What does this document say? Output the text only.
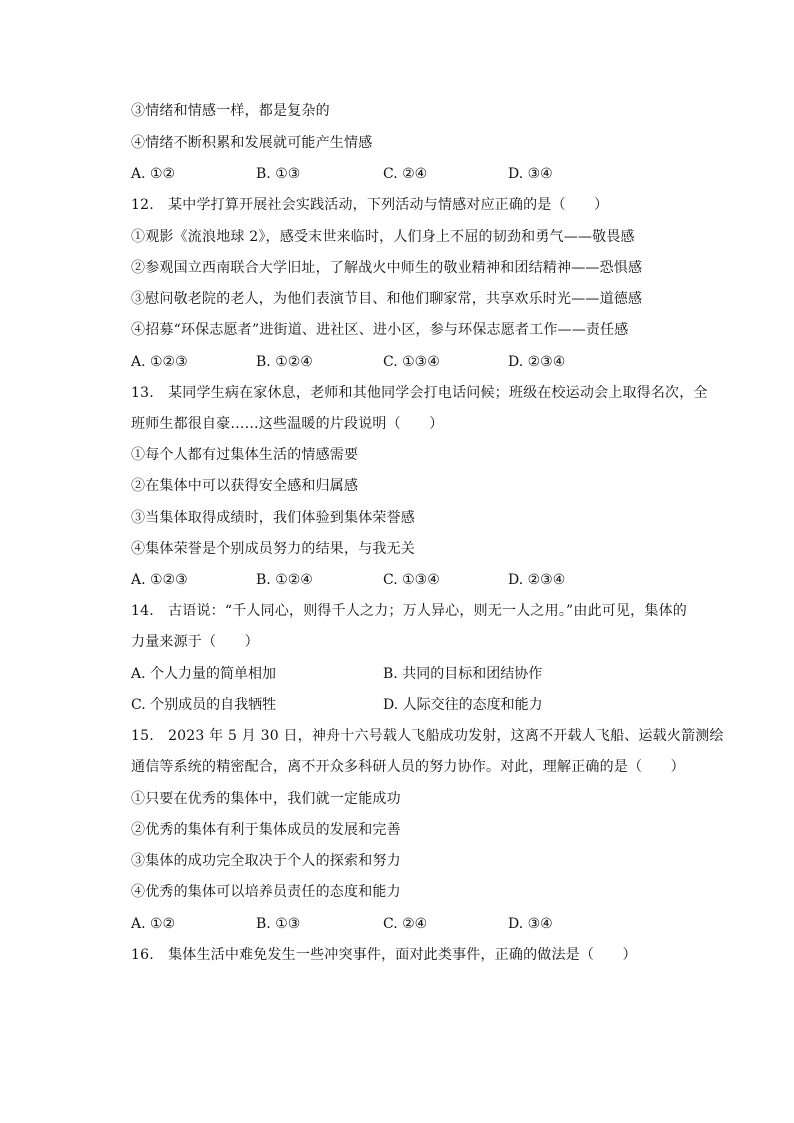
③情绪和情感一样，都是复杂的
④情绪不断积累和发展就可能产生情感
A. ①②	B. ①③	C. ②④	D. ③④
12.　某中学打算开展社会实践活动，下列活动与情感对应正确的是（　　）
①观影《流浪地球 2》，感受末世来临时，人们身上不屈的韧劲和勇气——敬畏感
②参观国立西南联合大学旧址，了解战火中师生的敬业精神和团结精神——恐惧感
③慰问敬老院的老人，为他们表演节目、和他们聊家常，共享欢乐时光——道德感
④招募“环保志愿者”进街道、进社区、进小区，参与环保志愿者工作——责任感
A. ①②③	B. ①②④	C. ①③④	D. ②③④
13.　某同学生病在家休息，老师和其他同学会打电话问候；班级在校运动会上取得名次，全
班师生都很自豪……这些温暖的片段说明（　　）
①每个人都有过集体生活的情感需要
②在集体中可以获得安全感和归属感
③当集体取得成绩时，我们体验到集体荣誉感
④集体荣誉是个别成员努力的结果，与我无关
A. ①②③	B. ①②④	C. ①③④	D. ②③④
14.　古语说：“千人同心，则得千人之力；万人异心，则无一人之用。”由此可见，集体的
力量来源于（　　）
A. 个人力量的简单相加	B. 共同的目标和团结协作
C. 个别成员的自我牺牲	D. 人际交往的态度和能力
15.　2023 年 5 月 30 日，神舟十六号载人飞船成功发射，这离不开载人飞船、运载火箭测绘
通信等系统的精密配合，离不开众多科研人员的努力协作。对此，理解正确的是（　　）
①只要在优秀的集体中，我们就一定能成功
②优秀的集体有利于集体成员的发展和完善
③集体的成功完全取决于个人的探索和努力
④优秀的集体可以培养员责任的态度和能力
A. ①②	B. ①③	C. ②④	D. ③④
16.　集体生活中难免发生一些冲突事件，面对此类事件，正确的做法是（　　）
